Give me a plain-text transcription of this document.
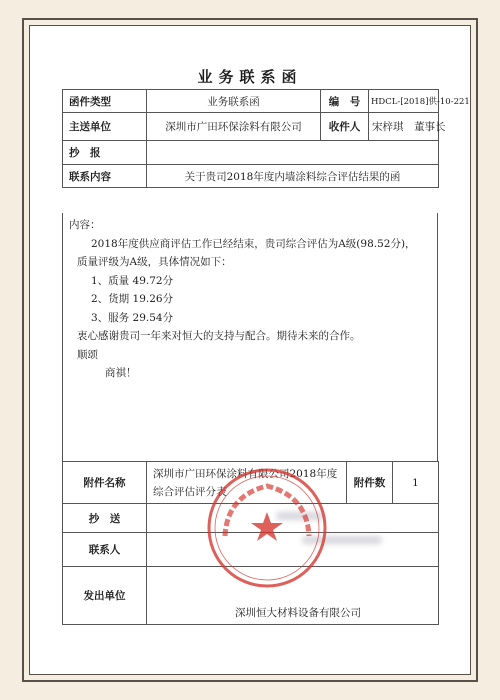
业务联系函
函件类型	业务联系函	编　号	HDCL-[2018]供-10-221
主送单位	深圳市广田环保涂料有限公司	收件人	宋梓琪　董事长
抄　报			
联系内容	关于贵司2018年度内墙涂料综合评估结果的函		

内容：

2018年度供应商评估工作已经结束，贵司综合评估为A级(98.52分)，

质量评级为A级，具体情况如下：

1、质量 49.72分

2、货期 19.26分

3、服务 29.54分

衷心感谢贵司一年来对恒大的支持与配合。期待未来的合作。

顺颂

商祺！

附件名称	深圳市广田环保涂料有限公司2018年度综合评估评分表	附件数	1
抄　送			
联系人			
发出单位	深圳恒大材料设备有限公司		
